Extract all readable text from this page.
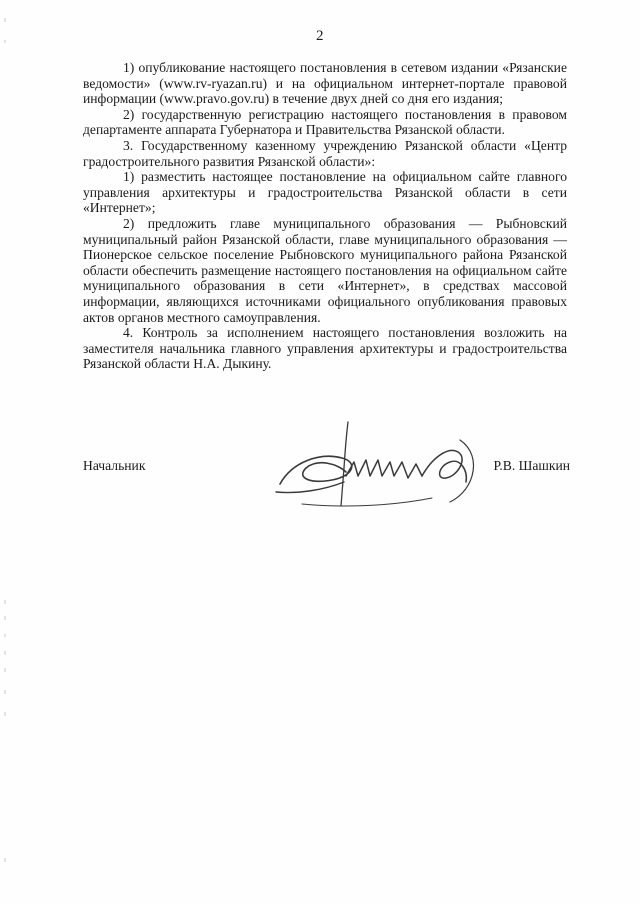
2

1) опубликование настоящего постановления в сетевом издании «Рязанские ведомости» (www.rv-ryazan.ru) и на официальном интернет-портале правовой информации (www.pravo.gov.ru) в течение двух дней со дня его издания;

2) государственную регистрацию настоящего постановления в правовом департаменте аппарата Губернатора и Правительства Рязанской области.

3. Государственному казенному учреждению Рязанской области «Центр градостроительного развития Рязанской области»:

1) разместить настоящее постановление на официальном сайте главного управления архитектуры и градостроительства Рязанской области в сети «Интернет»;

2) предложить главе муниципального образования — Рыбновский муниципальный район Рязанской области, главе муниципального образования — Пионерское сельское поселение Рыбновского муниципального района Рязанской области обеспечить размещение настоящего постановления на официальном сайте муниципального образования в сети «Интернет», в средствах массовой информации, являющихся источниками официального опубликования правовых актов органов местного самоуправления.

4. Контроль за исполнением настоящего постановления возложить на заместителя начальника главного управления архитектуры и градостроительства Рязанской области Н.А. Дыкину.

Начальник	Р.В. Шашкин
